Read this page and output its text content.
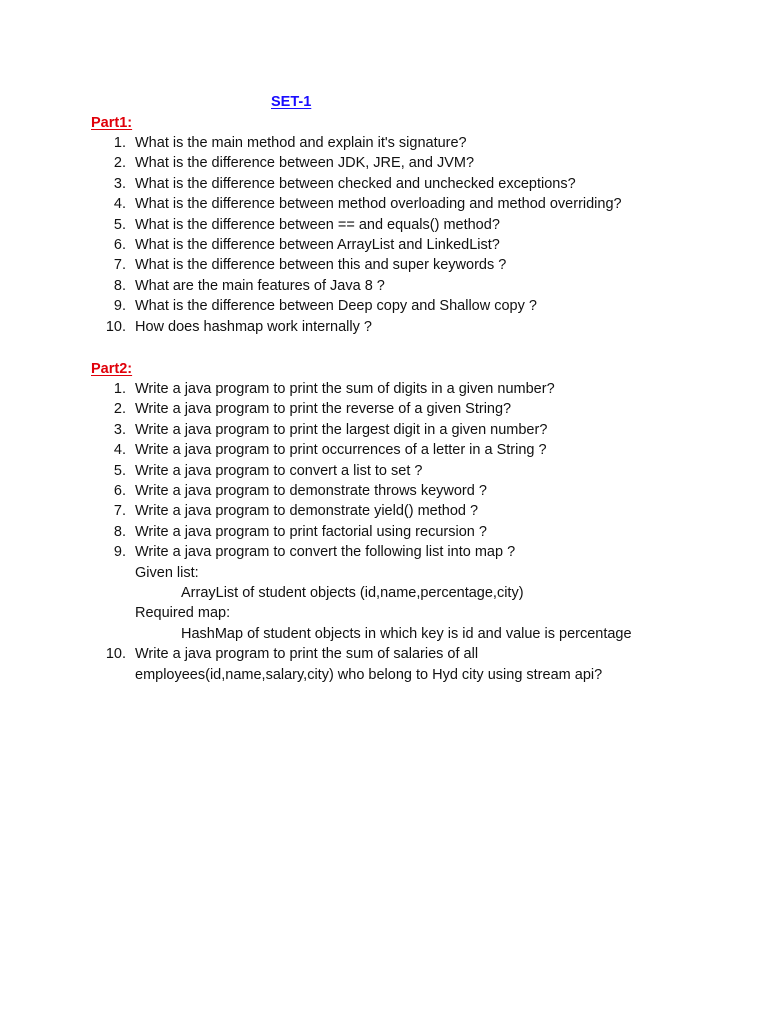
SET-1
Part1:
1. What is the main method and explain it's signature?
2. What is the difference between JDK, JRE, and JVM?
3. What is the difference between checked and unchecked exceptions?
4. What is the difference between method overloading and method overriding?
5. What is the difference between == and equals() method?
6. What is the difference between ArrayList and LinkedList?
7. What is the difference between this and super keywords ?
8. What are the main features of Java 8 ?
9. What is the difference between Deep copy and Shallow copy ?
10. How does hashmap work internally ?
Part2:
1. Write a java program to print the sum of digits in a given number?
2. Write a java program to print the reverse of a given String?
3. Write a java program to print the largest digit in a given number?
4. Write a java program to print occurrences of a letter in a String ?
5. Write a java program to convert a list to set ?
6. Write a java program to demonstrate throws keyword ?
7. Write a java program to demonstrate yield() method ?
8. Write a java program to print factorial using recursion ?
9. Write a java program to convert the following list into map ?
Given list:
ArrayList of student objects (id,name,percentage,city)
Required map:
HashMap of student objects in which key is id and value is percentage
10. Write a java program to print the sum of salaries of all
employees(id,name,salary,city) who belong to Hyd city using stream api?
